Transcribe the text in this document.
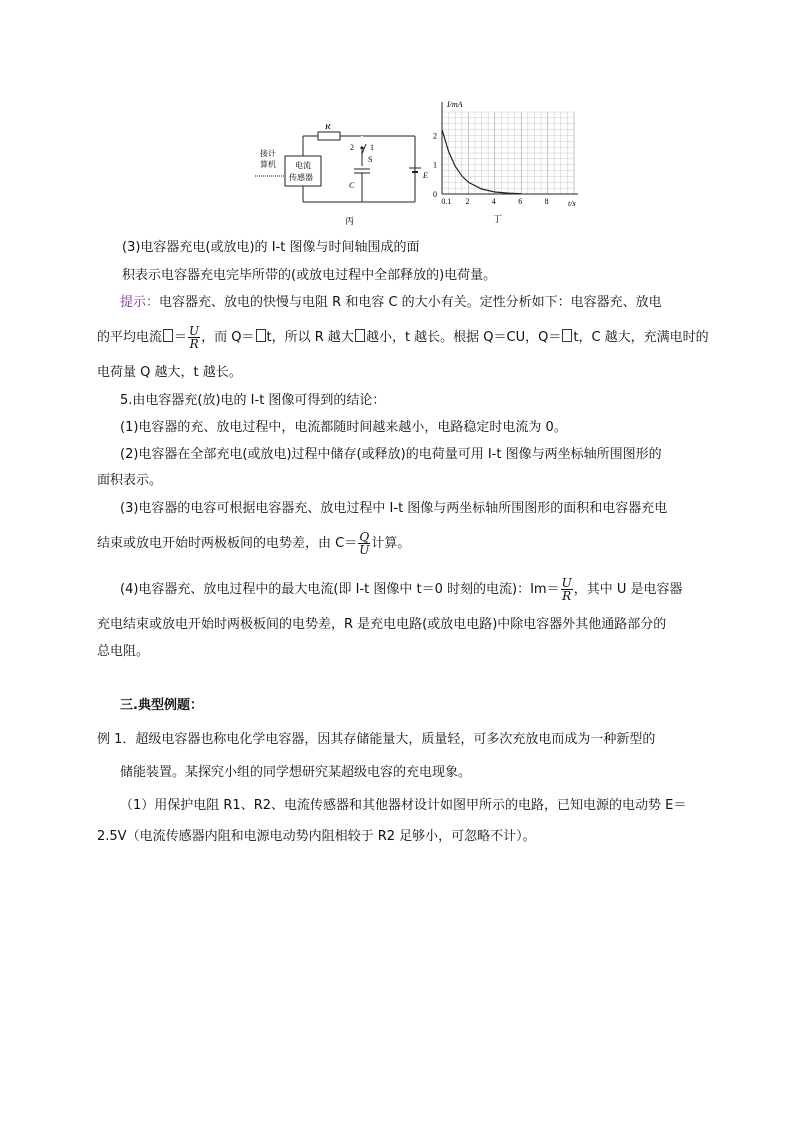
R
2 1
S
C
E
接计
算机 电流
传感器
丙
0.1 2	4	6	8
0
1
2
I/mA
t/s
丁
(3)电容器充电(或放电)的 I-t 图像与时间轴围成的面
积表示电容器充电完毕所带的(或放电过程中全部释放的)电荷量。
提示：电容器充、放电的快慢与电阻 R 和电容 C 的大小有关。定性分析如下：电容器充、放电
的平均电流 ＝ $\frac{U}{R}$ ，而 Q＝ t，所以 R 越大 越小，t 越长。根据 Q＝CU，Q＝ t，C 越大，充满电时的
电荷量 Q 越大，t 越长。
5.由电容器充(放)电的 I-t 图像可得到的结论：
(1)电容器的充、放电过程中，电流都随时间越来越小，电路稳定时电流为 0。
(2)电容器在全部充电(或放电)过程中储存(或释放)的电荷量可用 I-t 图像与两坐标轴所围图形的
面积表示。
(3)电容器的电容可根据电容器充、放电过程中 I-t 图像与两坐标轴所围图形的面积和电容器充电
结束或放电开始时两极板间的电势差，由 $C= \frac{Q}{U}$ 计算。
(4)电容器充、放电过程中的最大电流(即 I-t 图像中 t＝0 时刻的电流)：$Im= \frac{U}{R}$ ，其中 U 是电容器
充电结束或放电开始时两极板间的电势差，R 是充电电路(或放电电路)中除电容器外其他通路部分的
总电阻。
三.典型例题：
例 1．超级电容器也称电化学电容器，因其存储能量大，质量轻，可多次充放电而成为一种新型的
储能装置。某探究小组的同学想研究某超级电容的充电现象。
（1）用保护电阻 R1、R2、电流传感器和其他器材设计如图甲所示的电路，已知电源的电动势 E＝
2.5V（电流传感器内阻和电源电动势内阻相较于 R2 足够小，可忽略不计）。
